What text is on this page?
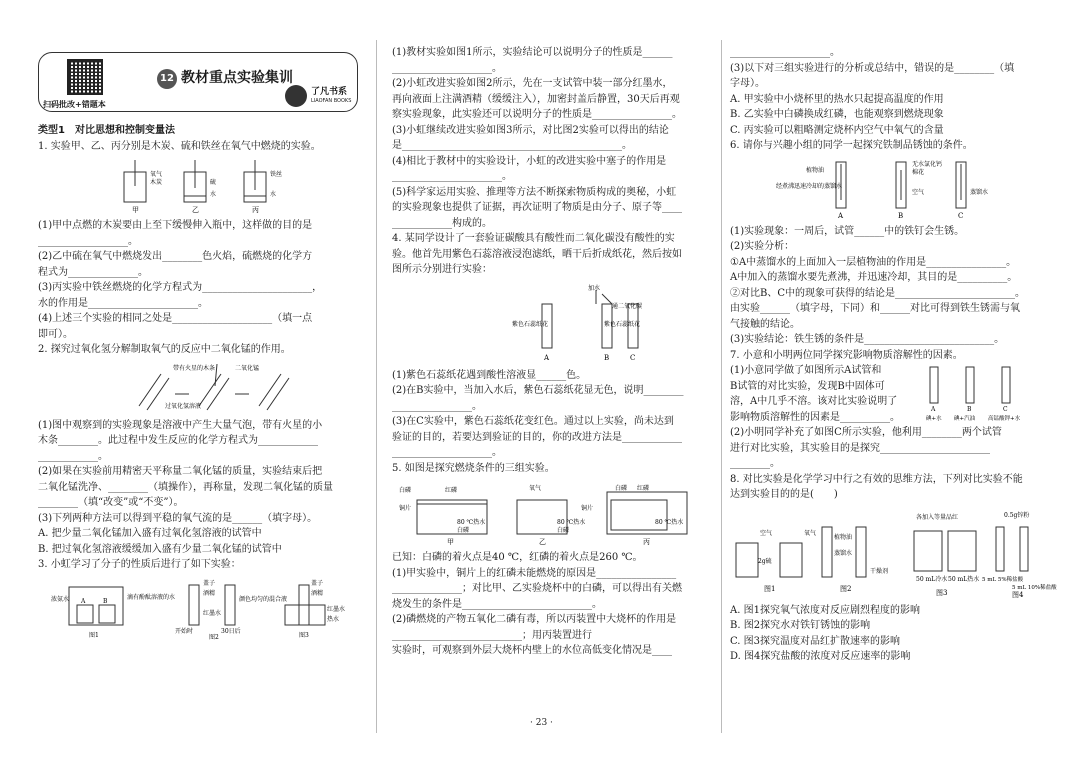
扫码批改+错题本
12 教材重点实验集训
了凡书系
LIAOFAN BOOKS

类型1　对比思想和控制变量法

1. 实验甲、乙、丙分别是木炭、硫和铁丝在氧气中燃烧的实验。

氧气
木炭	硫
水
铁丝
水
甲	乙	丙

(1)甲中点燃的木炭要由上至下缓慢伸入瓶中，这样做的目的是

__________________。

(2)乙中硫在氧气中燃烧发出________色火焰，硫燃烧的化学方

程式为______________。

(3)丙实验中铁丝燃烧的化学方程式为______________________，

水的作用是______________________。

(4)上述三个实验的相同之处是____________________（填一点

即可）。

2. 探究过氧化氢分解制取氧气的反应中二氧化锰的作用。

带有火星的木条	二氧化锰
过氧化氢溶液

(1)图中观察到的实验现象是溶液中产生大量气泡，带有火星的小

木条________。此过程中发生反应的化学方程式为____________

____________。

(2)如果在实验前用精密天平称量二氧化锰的质量，实验结束后把

二氧化锰洗净、________（填操作），再称量，发现二氧化锰的质量

________（填“改变”或“不变”）。

(3)下列两种方法可以得到平稳的氧气流的是______（填字母）。

A. 把少量二氧化锰加入盛有过氧化氢溶液的试管中

B. 把过氧化氢溶液缓缓加入盛有少量二氧化锰的试管中

3. 小虹学习了分子的性质后进行了如下实验：

浓氨水 A	B
滴有酚酞溶液的水
图1
盖子
酒精
红墨水
开始时	30日后
颜色均匀的混合液
图2
盖子
酒精
红墨水
热水
图3

(1)教材实验如图1所示，实验结论可以说明分子的性质是______

____________________。

(2)小虹改进实验如图2所示，先在一支试管中装一部分红墨水，

再向液面上注满酒精（缓缓注入），加密封盖后静置，30天后再观

察实验现象，此实验还可以说明分子的性质是________________。

(3)小虹继续改进实验如图3所示，对比图2实验可以得出的结论

是____________________________________________。

(4)相比于教材中的实验设计，小虹的改进实验中塞子的作用是

______________________。

(5)科学家运用实验、推理等方法不断探索物质构成的奥秘，小虹

的实验现象也提供了证据，再次证明了物质是由分子、原子等____

____________构成的。

4. 某同学设计了一套验证碳酸具有酸性而二氧化碳没有酸性的实

验。他首先用紫色石蕊溶液浸泡滤纸，晒干后折成纸花，然后按如

图所示分别进行实验：

加水
通二氧化碳
紫色石蕊纸花	紫色石蕊纸花
A	B	C

(1)紫色石蕊纸花遇到酸性溶液显______色。

(2)在B实验中，当加入水后，紫色石蕊纸花显无色，说明________

________________。

(3)在C实验中，紫色石蕊纸花变红色。通过以上实验，尚未达到

验证的目的，若要达到验证的目的，你的改进方法是____________

____________________。

5. 如图是探究燃烧条件的三组实验。

白磷	红磷
铜片
80 ℃热水
白磷
氧气
80 ℃热水
白磷
白磷 红磷
铜片
80 ℃热水
甲	乙	丙

已知：白磷的着火点是40 ℃，红磷的着火点是260 ℃。

(1)甲实验中，铜片上的红磷未能燃烧的原因是________________

______________；对比甲、乙实验烧杯中的白磷，可以得出有关燃

烧发生的条件是__________________________。

(2)磷燃烧的产物五氧化二磷有毒，所以丙装置中大烧杯的作用是

__________________________；用丙装置进行

实验时，可观察到外层大烧杯内壁上的水位高低变化情况是____

____________________。

(3)以下对三组实验进行的分析或总结中，错误的是________（填

字母）。

A. 甲实验中小烧杯里的热水只起提高温度的作用

B. 乙实验中白磷换成红磷，也能观察到燃烧现象

C. 丙实验可以粗略测定烧杯内空气中氧气的含量

6. 请你与兴趣小组的同学一起探究铁制品锈蚀的条件。

植物油
经煮沸迅速冷却的蒸馏水
无水氯化钙
棉花
空气	蒸馏水
A	B	C

(1)实验现象：一周后，试管______中的铁钉会生锈。

(2)实验分析：

①A中蒸馏水的上面加入一层植物油的作用是________________。

A中加入的蒸馏水要先煮沸，并迅速冷却，其目的是__________。

②对比B、C中的现象可获得的结论是________________________。

由实验______（填字母，下同）和______对比可得到铁生锈需与氧

气接触的结论。

(3)实验结论：铁生锈的条件是__________________________。

7. 小意和小明两位同学探究影响物质溶解性的因素。

(1)小意同学做了如图所示A试管和

B试管的对比实验，发现B中固体可

溶，A中几乎不溶。该对比实验说明了

影响物质溶解性的因素是__________。

A	B	C
碘+水 碘+汽油 高锰酸钾+水

(2)小明同学补充了如图C所示实验，他利用________两个试管

进行对比实验，其实验目的是探究______________________

________。

8. 对比实验是化学学习中行之有效的思维方法，下列对比实验不能

达到实验目的的是(　　)

空气	氧气
2g硫
图1
植物油
蒸馏水
干燥剂
图2
各加入等量品红
50 mL冷水 50 mL热水
图3
0.5g锌粉
5 mL 5%稀盐酸
5 mL 10%稀盐酸
图4

A. 图1探究氧气浓度对反应剧烈程度的影响

B. 图2探究水对铁钉锈蚀的影响

C. 图3探究温度对品红扩散速率的影响

D. 图4探究盐酸的浓度对反应速率的影响

· 23 ·
